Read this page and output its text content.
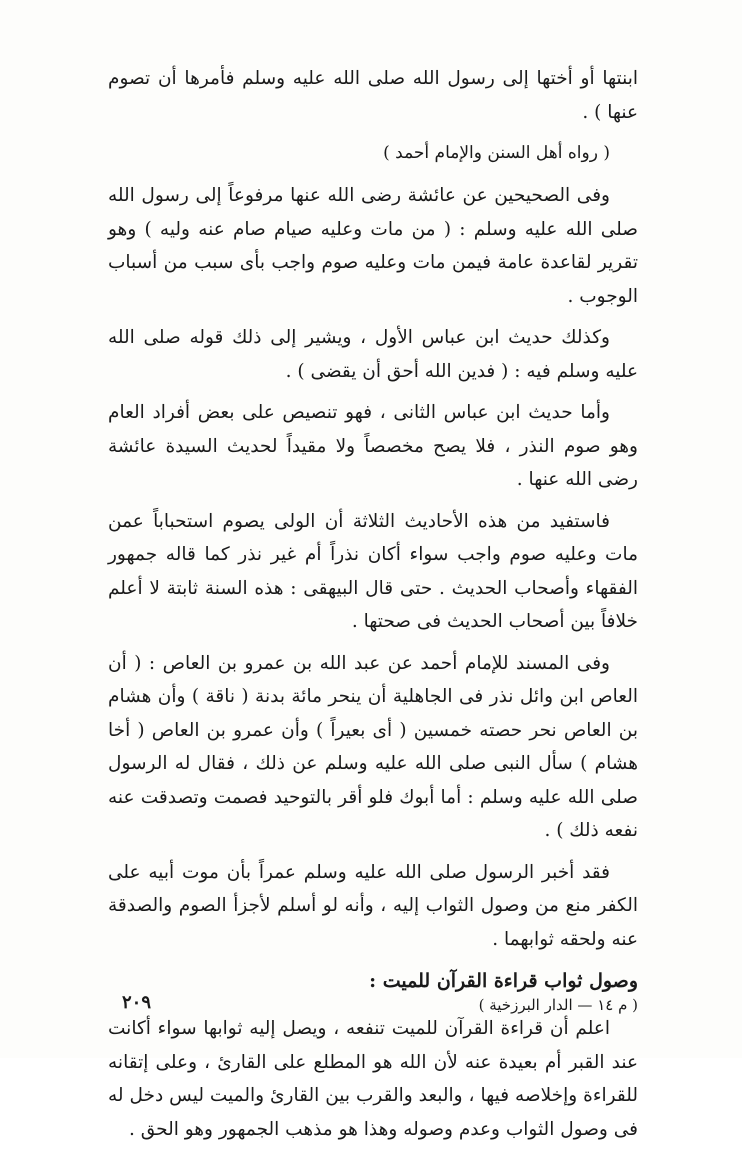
ابنتها أو أختها إلى رسول الله صلى الله عليه وسلم فأمرها أن تصوم عنها ) .

( رواه أهل السنن والإمام أحمد )

وفى الصحيحين عن عائشة رضى الله عنها مرفوعاً إلى رسول الله صلى الله عليه وسلم : ( من مات وعليه صيام صام عنه وليه ) وهو تقرير لقاعدة عامة فيمن مات وعليه صوم واجب بأى سبب من أسباب الوجوب .

وكذلك حديث ابن عباس الأول ، ويشير إلى ذلك قوله صلى الله عليه وسلم فيه : ( فدين الله أحق أن يقضى ) .

وأما حديث ابن عباس الثانى ، فهو تنصيص على بعض أفراد العام وهو صوم النذر ، فلا يصح مخصصاً ولا مقيداً لحديث السيدة عائشة رضى الله عنها .

فاستفيد من هذه الأحاديث الثلاثة أن الولى يصوم استحباباً عمن مات وعليه صوم واجب سواء أكان نذراً أم غير نذر كما قاله جمهور الفقهاء وأصحاب الحديث . حتى قال البيهقى : هذه السنة ثابتة لا أعلم خلافاً بين أصحاب الحديث فى صحتها .

وفى المسند للإمام أحمد عن عبد الله بن عمرو بن العاص : ( أن العاص ابن وائل نذر فى الجاهلية أن ينحر مائة بدنة ( ناقة ) وأن هشام بن العاص نحر حصته خمسين ( أى بعيراً ) وأن عمرو بن العاص ( أخا هشام ) سأل النبى صلى الله عليه وسلم عن ذلك ، فقال له الرسول صلى الله عليه وسلم : أما أبوك فلو أقر بالتوحيد فصمت وتصدقت عنه نفعه ذلك ) .

فقد أخبر الرسول صلى الله عليه وسلم عمراً بأن موت أبيه على الكفر منع من وصول الثواب إليه ، وأنه لو أسلم لأجزأ الصوم والصدقة عنه ولحقه ثوابهما .

وصول ثواب قراءة القرآن للميت :

اعلم أن قراءة القرآن للميت تنفعه ، ويصل إليه ثوابها سواء أكانت عند القبر أم بعيدة عنه لأن الله هو المطلع على القارئ ، وعلى إتقانه للقراءة وإخلاصه فيها ، والبعد والقرب بين القارئ والميت ليس دخل له فى وصول الثواب وعدم وصوله وهذا هو مذهب الجمهور وهو الحق .

( م ١٤ — الدار البرزخية )
٢٠٩
